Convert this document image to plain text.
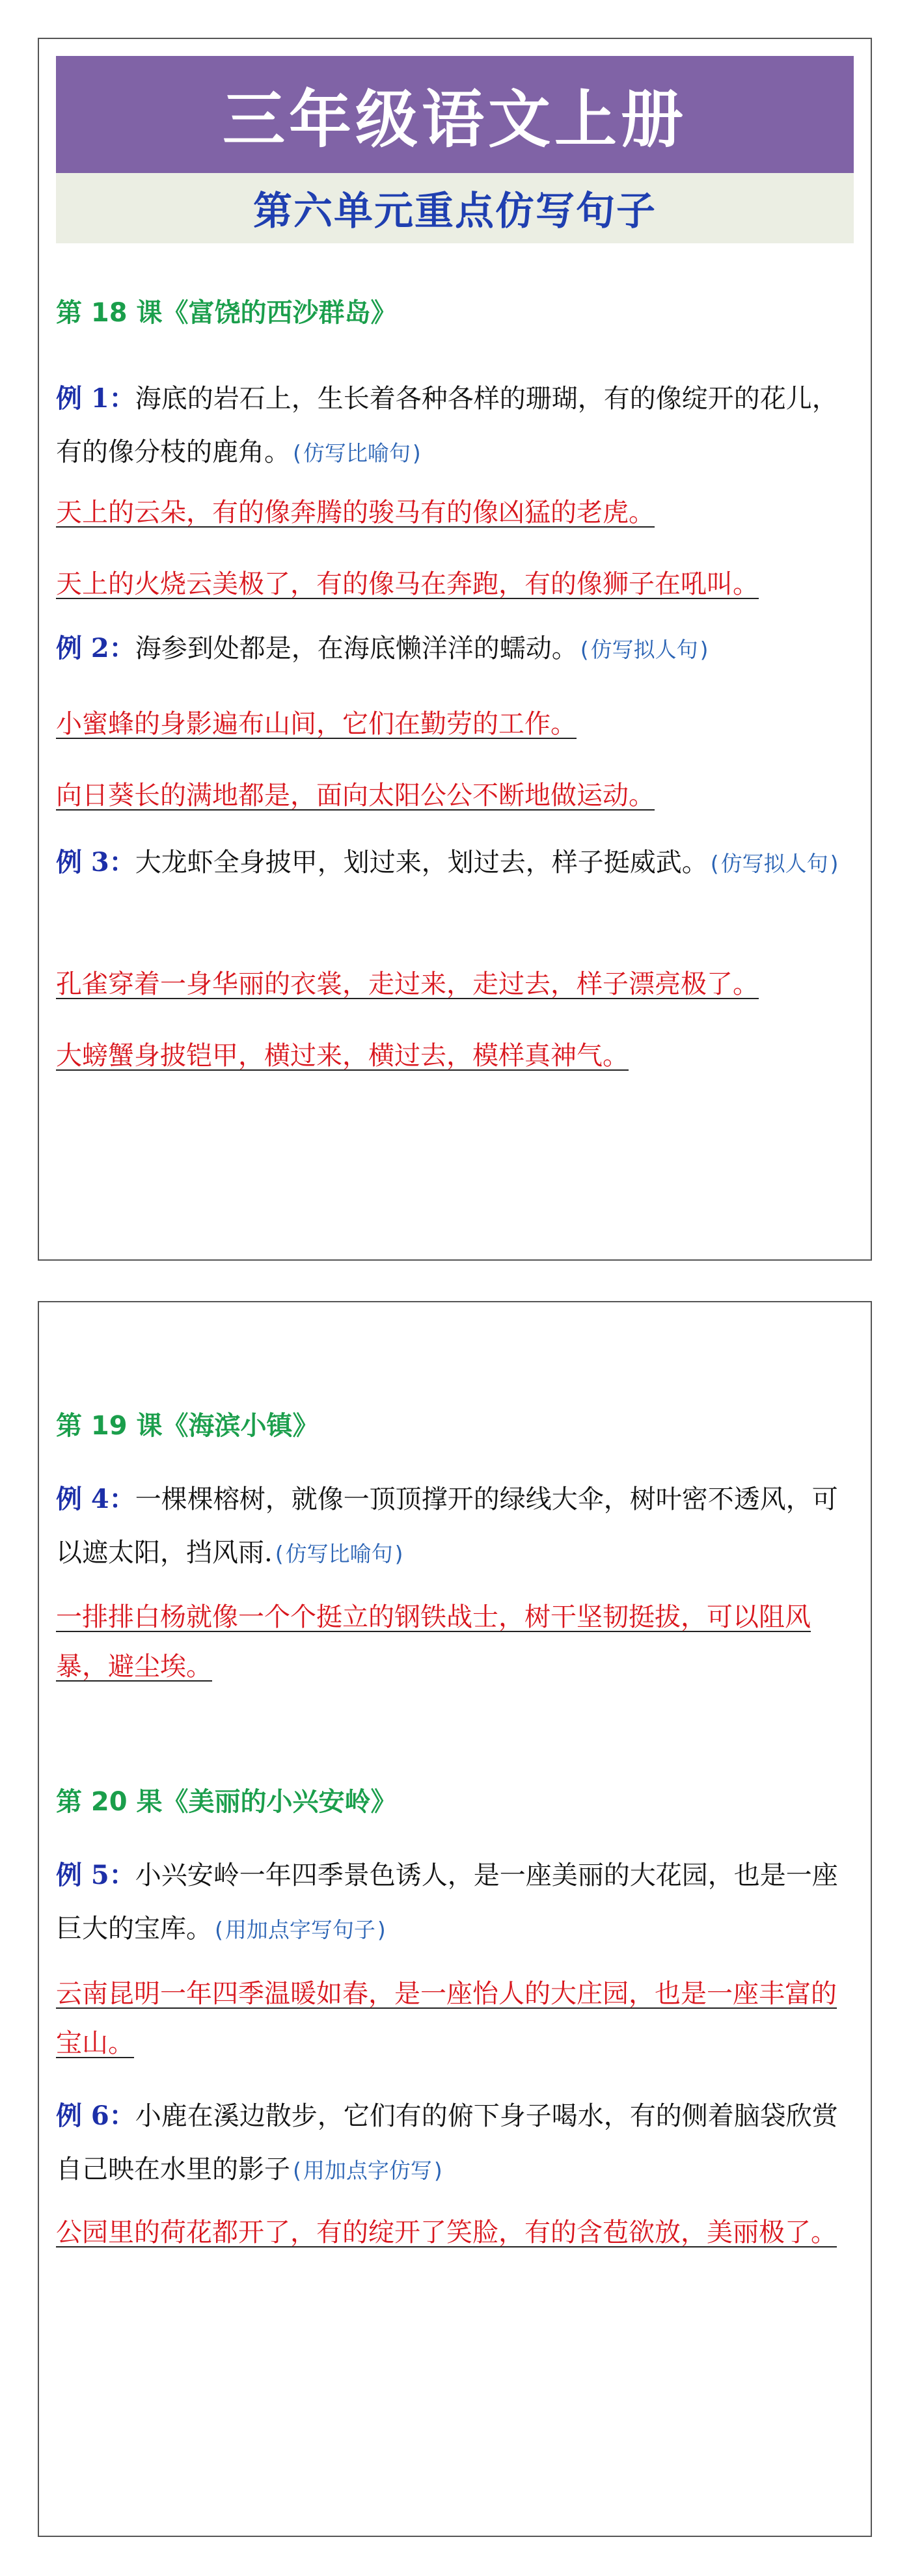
三年级语文上册
第六单元重点仿写句子
第 18 课《富饶的西沙群岛》
例 1：海底的岩石上，生长着各种各样的珊瑚，有的像绽开的花儿，有的像分枝的鹿角。(仿写比喻句)
天上的云朵，有的像奔腾的骏马有的像凶猛的老虎。
天上的火烧云美极了，有的像马在奔跑，有的像狮子在吼叫。
例 2：海参到处都是，在海底懒洋洋的蠕动。(仿写拟人句)
小蜜蜂的身影遍布山间，它们在勤劳的工作。
向日葵长的满地都是，面向太阳公公不断地做运动。
例 3：大龙虾全身披甲，划过来，划过去，样子挺威武。(仿写拟人句)
孔雀穿着一身华丽的衣裳，走过来，走过去，样子漂亮极了。
大螃蟹身披铠甲，横过来，横过去，模样真神气。
第 19 课《海滨小镇》
例 4：一棵棵榕树，就像一顶顶撑开的绿线大伞，树叶密不透风，可以遮太阳，挡风雨.(仿写比喻句)
一排排白杨就像一个个挺立的钢铁战士，树干坚韧挺拔，可以阻风暴，避尘埃。
第 20 果《美丽的小兴安岭》
例 5：小兴安岭一年四季景色诱人，是一座美丽的大花园，也是一座巨大的宝库。(用加点字写句子)
云南昆明一年四季温暖如春，是一座怡人的大庄园，也是一座丰富的宝山。
例 6：小鹿在溪边散步，它们有的俯下身子喝水，有的侧着脑袋欣赏自己映在水里的影子(用加点字仿写)
公园里的荷花都开了，有的绽开了笑脸，有的含苞欲放，美丽极了。
